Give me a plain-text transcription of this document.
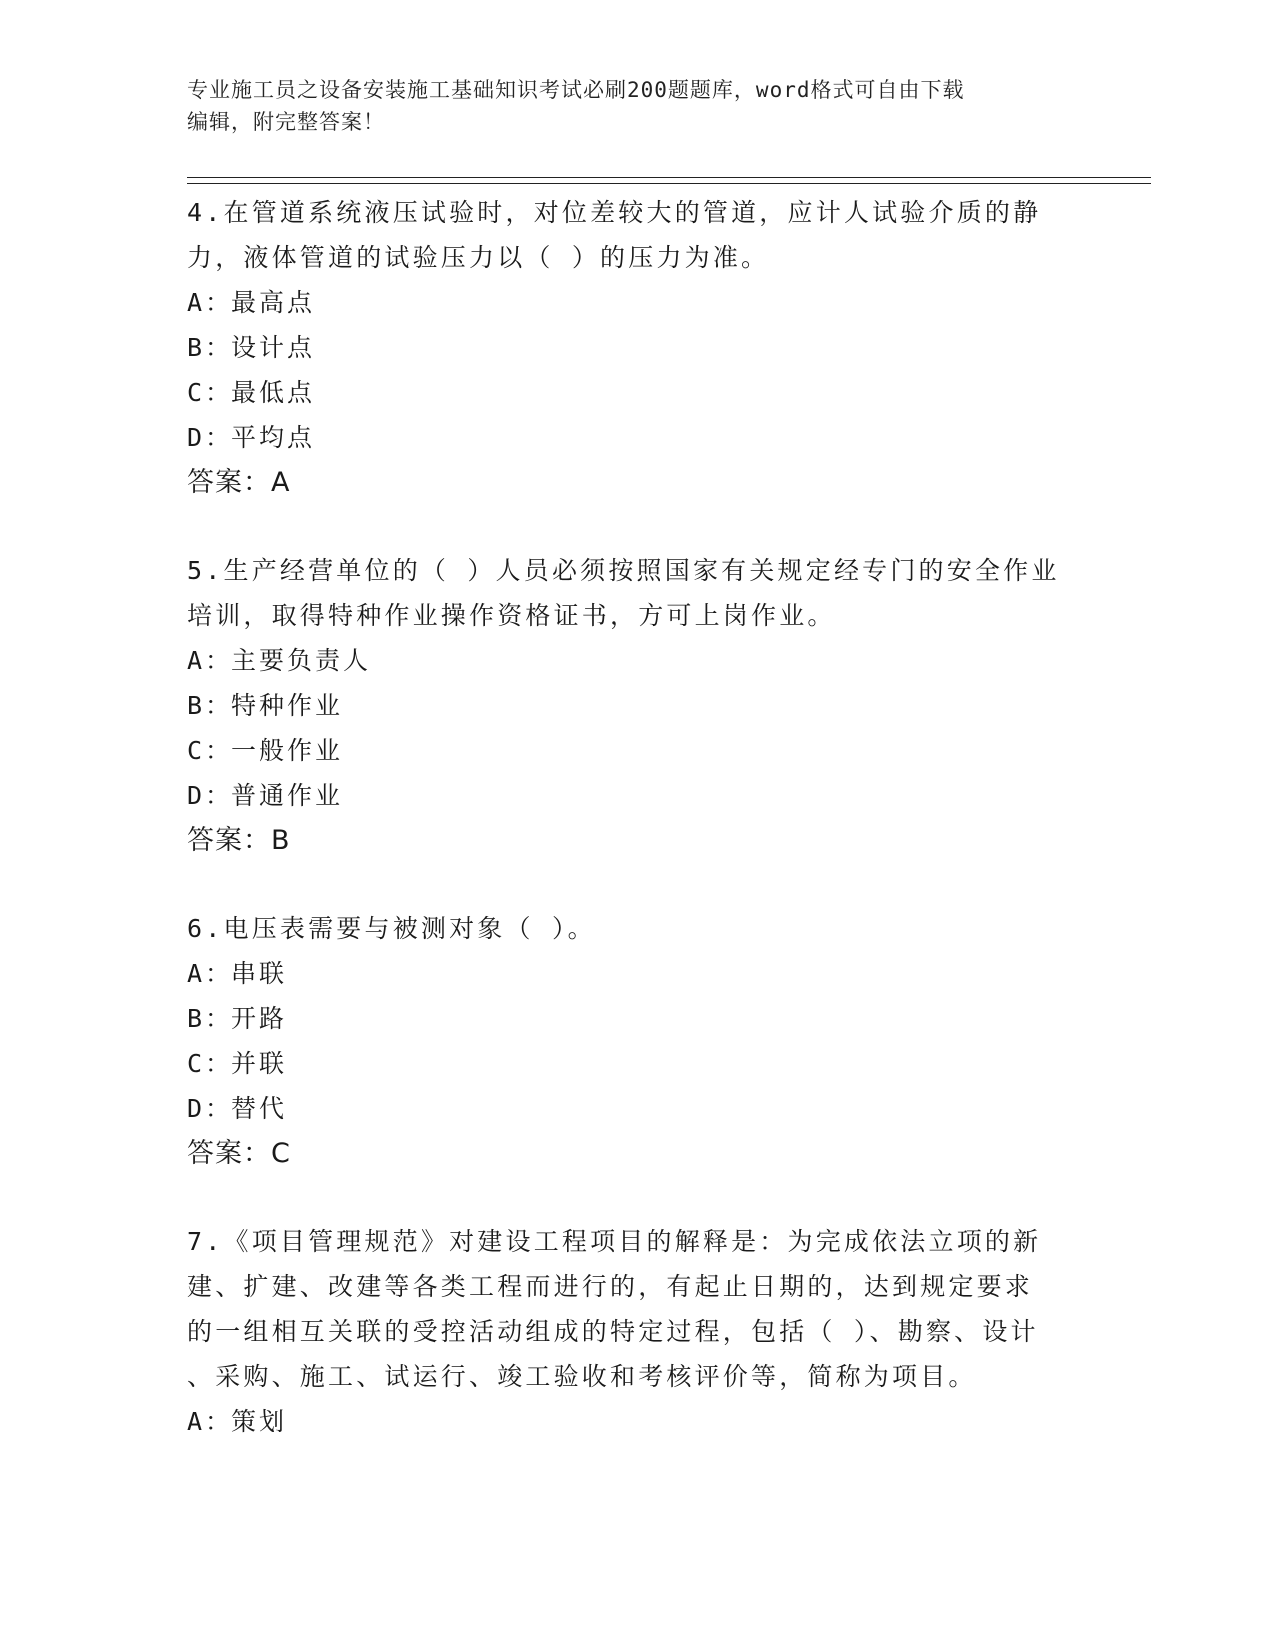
专业施工员之设备安装施工基础知识考试必刷200题题库，word格式可自由下载
编辑，附完整答案！
4.在管道系统液压试验时，对位差较大的管道，应计人试验介质的静
力，液体管道的试验压力以（ ）的压力为准。
A：
最高点
B：
设计点
C：
最低点
D：
平均点
答案：A
5.生产经营单位的（ ）人员必须按照国家有关规定经专门的安全作业
培训，取得特种作业操作资格证书，方可上岗作业。
A：
主要负责人
B：
特种作业
C：
一般作业
D：
普通作业
答案：B
6.电压表需要与被测对象（ ）。
A：
串联
B：
开路
C：
并联
D：
替代
答案：C
7.《项目管理规范》对建设工程项目的解释是：为完成依法立项的新
建、扩建、改建等各类工程而进行的，有起止日期的，达到规定要求
的一组相互关联的受控活动组成的特定过程，包括（ ）、勘察、设计
、采购、施工、试运行、竣工验收和考核评价等，简称为项目。
A：
策划
